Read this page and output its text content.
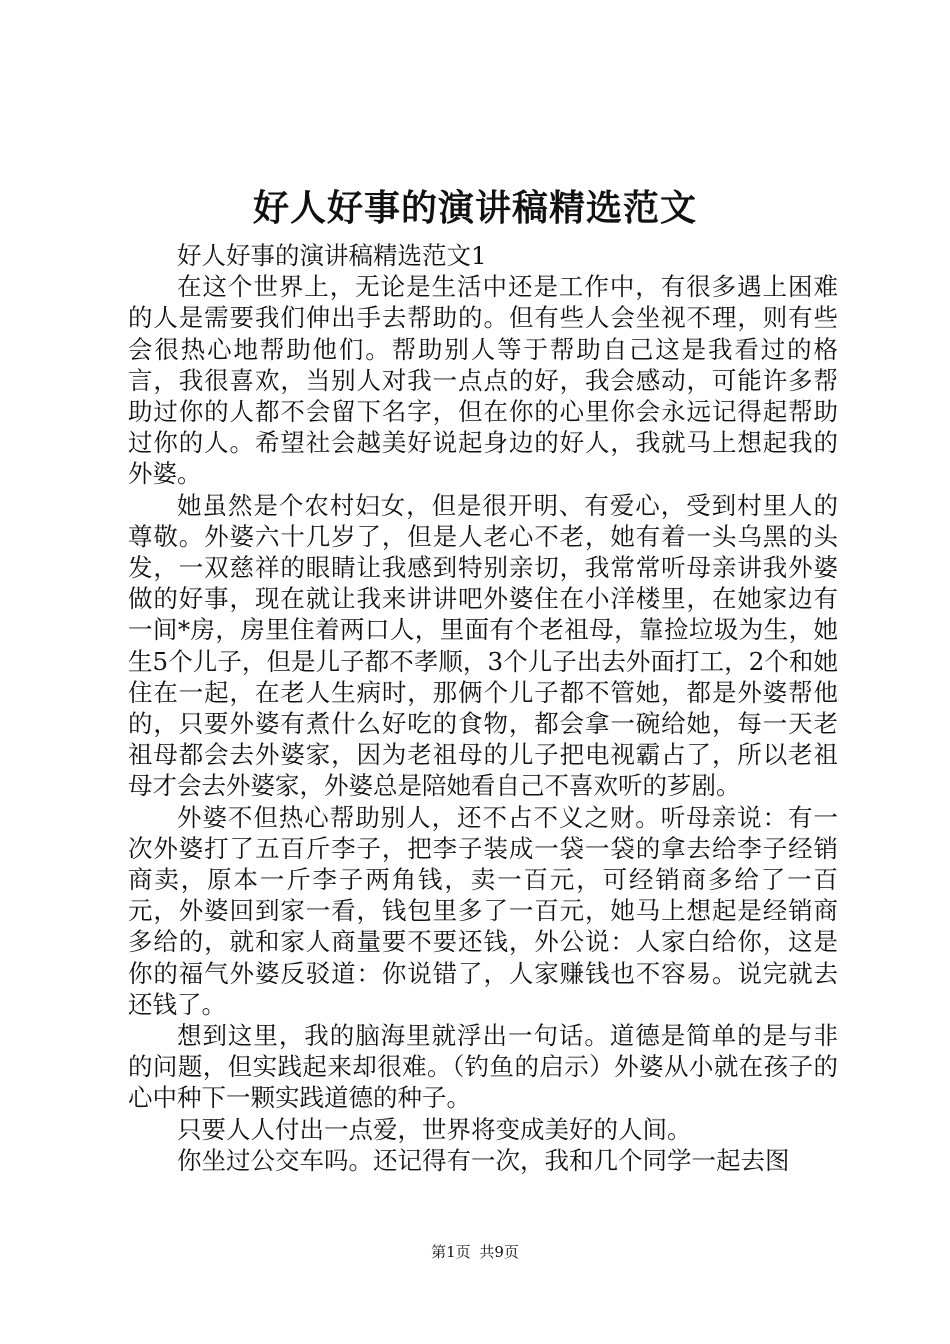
好人好事的演讲稿精选范文

好人好事的演讲稿精选范文1

在这个世界上，无论是生活中还是工作中，有很多遇上困难的人是需要我们伸出手去帮助的。但有些人会坐视不理，则有些会很热心地帮助他们。帮助别人等于帮助自己这是我看过的格言，我很喜欢，当别人对我一点点的好，我会感动，可能许多帮助过你的人都不会留下名字，但在你的心里你会永远记得起帮助过你的人。希望社会越美好说起身边的好人，我就马上想起我的外婆。

她虽然是个农村妇女，但是很开明、有爱心，受到村里人的尊敬。外婆六十几岁了，但是人老心不老，她有着一头乌黑的头发，一双慈祥的眼睛让我感到特别亲切，我常常听母亲讲我外婆做的好事，现在就让我来讲讲吧外婆住在小洋楼里，在她家边有一间*房，房里住着两口人，里面有个老祖母，靠捡垃圾为生，她生5个儿子，但是儿子都不孝顺，3个儿子出去外面打工，2个和她住在一起，在老人生病时，那俩个儿子都不管她，都是外婆帮他的，只要外婆有煮什么好吃的食物，都会拿一碗给她，每一天老祖母都会去外婆家，因为老祖母的儿子把电视霸占了，所以老祖母才会去外婆家，外婆总是陪她看自己不喜欢听的芗剧。

外婆不但热心帮助别人，还不占不义之财。听母亲说：有一次外婆打了五百斤李子，把李子装成一袋一袋的拿去给李子经销商卖，原本一斤李子两角钱，卖一百元，可经销商多给了一百元，外婆回到家一看，钱包里多了一百元，她马上想起是经销商多给的，就和家人商量要不要还钱，外公说：人家白给你，这是你的福气外婆反驳道：你说错了，人家赚钱也不容易。说完就去还钱了。

想到这里，我的脑海里就浮出一句话。道德是简单的是与非的问题，但实践起来却很难。（钓鱼的启示）外婆从小就在孩子的心中种下一颗实践道德的种子。

只要人人付出一点爱，世界将变成美好的人间。

你坐过公交车吗。还记得有一次，我和几个同学一起去图

第1页 共9页
